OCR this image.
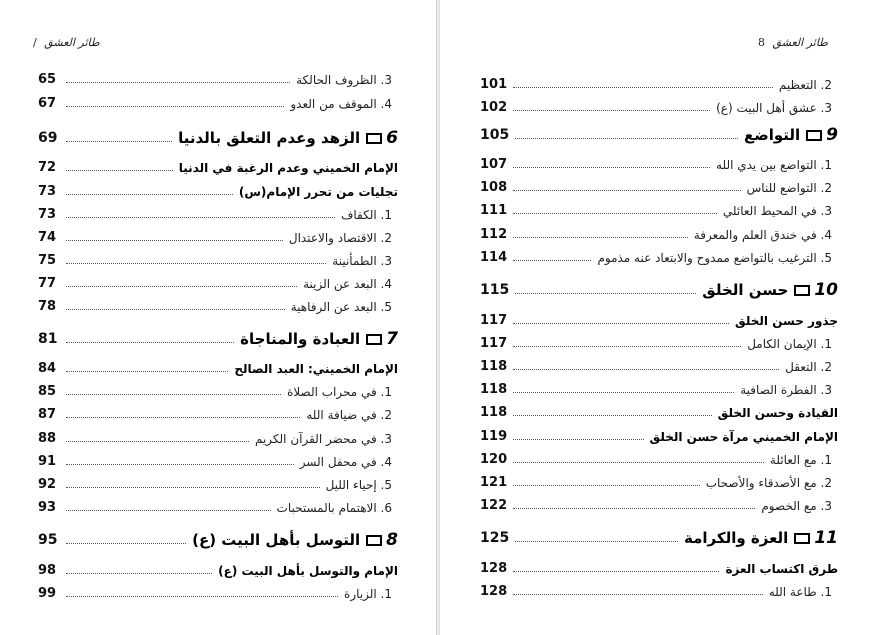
طائر العشق /
3. الظروف الحالكة
65
4. الموقف من العدو
67
6
الزهد وعدم التعلق بالدنيا
69
الإمام الخميني وعدم الرغبة في الدنيا
72
تجليات من تحرر الإمام(س)
73
1. الكفاف
73
2. الاقتصاد والاعتدال
74
3. الطمأنينة
75
4. البعد عن الزينة
77
5. البعد عن الرفاهية
78
7
العبادة والمناجاة
81
الإمام الخميني: العبد الصالح
84
1. في محراب الصلاة
85
2. في ضيافة الله
87
3. في محضر القرآن الكريم
88
4. في محفل السر
91
5. إحياء الليل
92
6. الاهتمام بالمستحبات
93
8
التوسل بأهل البيت (ع)
95
الإمام والتوسل بأهل البيت (ع)
98
1. الزيارة
99
طائر العشق 8
2. التعظيم
101
3. عشق أهل البيت (ع)
102
9
التواضع
105
1. التواضع بين يدي الله
107
2. التواضع للناس
108
3. في المحيط العائلي
111
4. في خندق العلم والمعرفة
112
5. الترغيب بالتواضع ممدوح والابتعاد عنه مذموم
114
10
حسن الخلق
115
جذور حسن الخلق
117
1. الإيمان الكامل
117
2. التعقل
118
3. الفطرة الصافية
118
القيادة وحسن الخلق
118
الإمام الخميني مرآة حسن الخلق
119
1. مع العائلة
120
2. مع الأصدقاء والأصحاب
121
3. مع الخصوم
122
11
العزة والكرامة
125
طرق اكتساب العزة
128
1. طاعة الله
128
